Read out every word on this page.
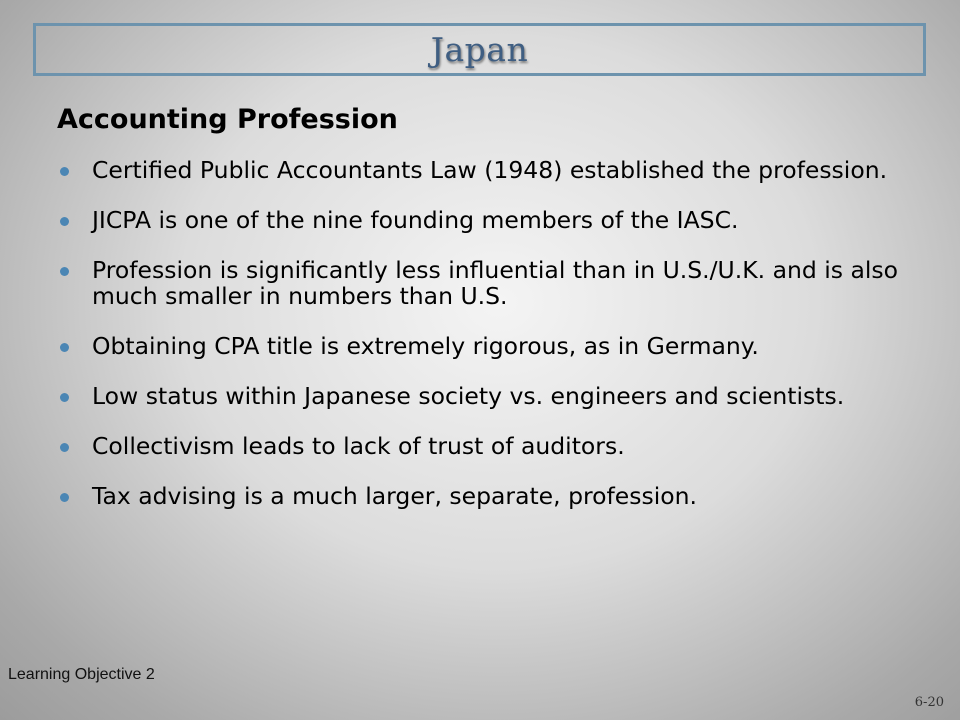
Japan
Accounting Profession
Certified Public Accountants Law (1948) established the profession.
JICPA is one of the nine founding members of the IASC.
Profession is significantly less influential than in U.S./U.K. and is also much smaller in numbers than U.S.
Obtaining CPA title is extremely rigorous, as in Germany.
Low status within Japanese society vs. engineers and scientists.
Collectivism leads to lack of trust of auditors.
Tax advising is a much larger, separate, profession.
Learning Objective 2
6-20
